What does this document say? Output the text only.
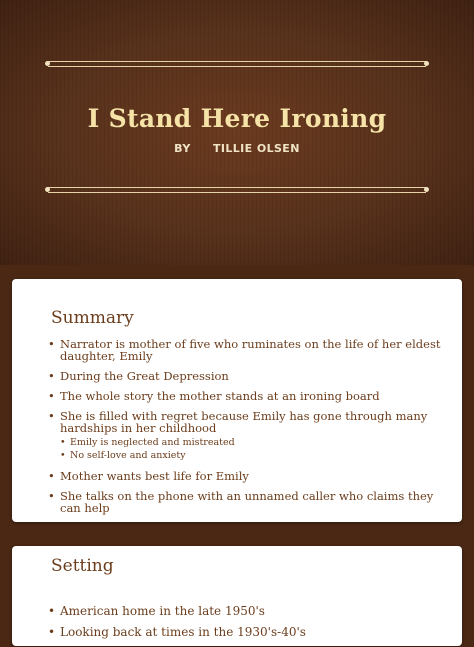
I Stand Here Ironing
BY TILLIE OLSEN
Summary
• Narrator is mother of five who ruminates on the life of her eldest daughter, Emily
• During the Great Depression
• The whole story the mother stands at an ironing board
• She is filled with regret because Emily has gone through many hardships in her childhood
• Emily is neglected and mistreated
• No self-love and anxiety
• Mother wants best life for Emily
• She talks on the phone with an unnamed caller who claims they can help
Setting
• American home in the late 1950's
• Looking back at times in the 1930's-40's
